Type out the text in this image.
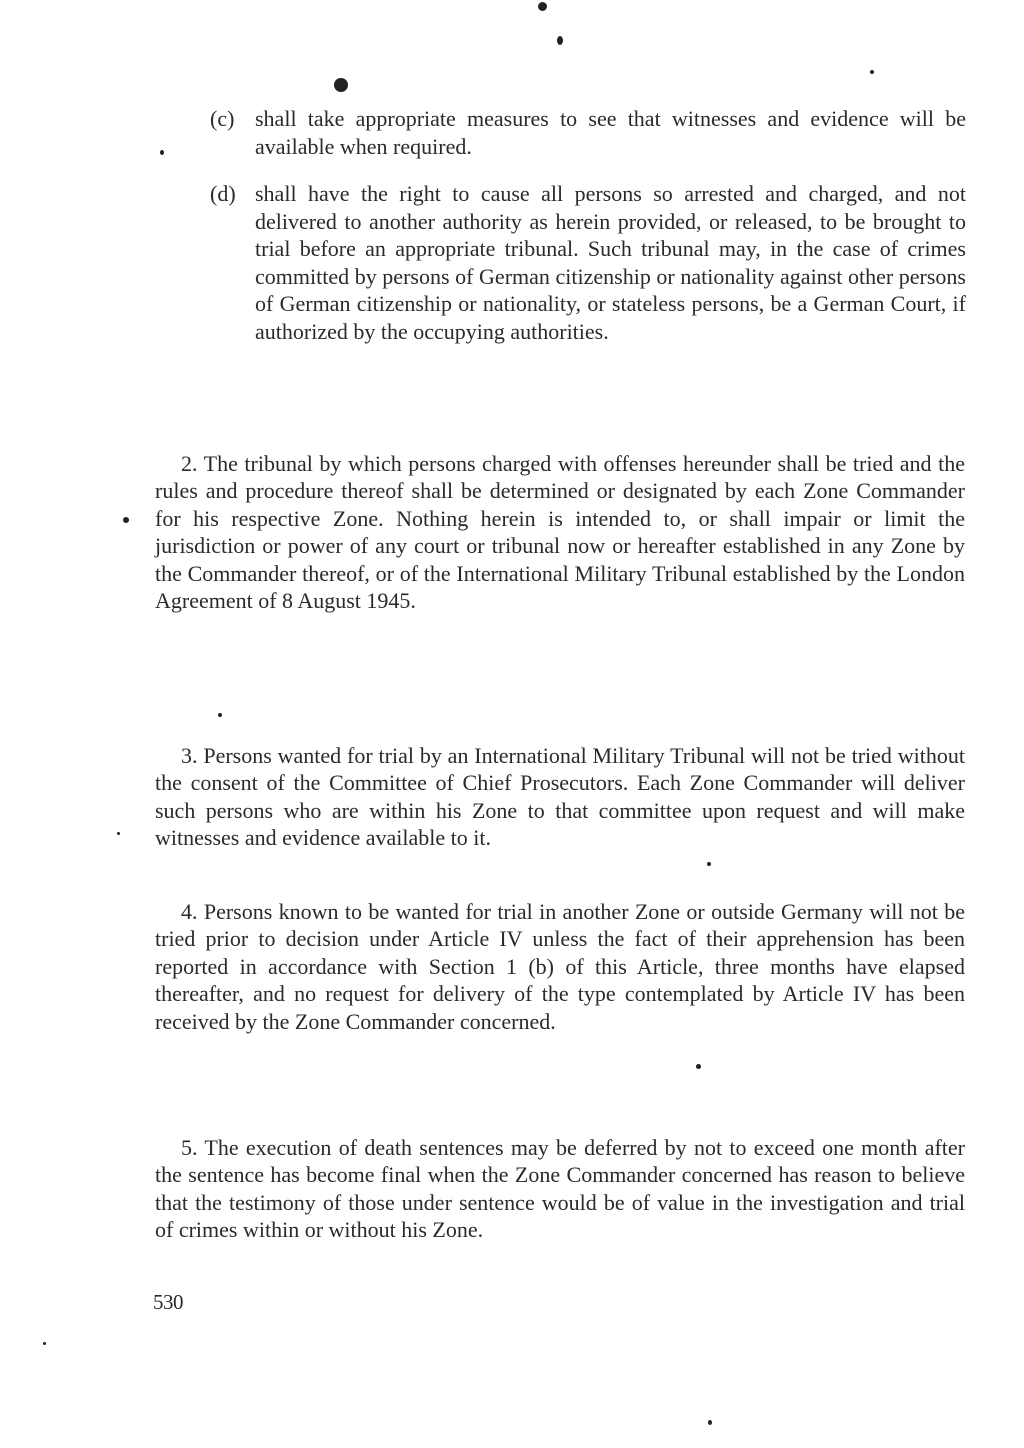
(c) shall take appropriate measures to see that witnesses and evidence will be available when required.
(d) shall have the right to cause all persons so arrested and charged, and not delivered to another authority as herein provided, or released, to be brought to trial before an appropriate tribunal. Such tribunal may, in the case of crimes committed by persons of German citizenship or nationality against other persons of German citizenship or nationality, or stateless persons, be a German Court, if authorized by the occupying authorities.
2. The tribunal by which persons charged with offenses hereunder shall be tried and the rules and procedure thereof shall be determined or designated by each Zone Commander for his respective Zone. Nothing herein is intended to, or shall impair or limit the jurisdiction or power of any court or tribunal now or hereafter established in any Zone by the Commander thereof, or of the International Military Tribunal established by the London Agreement of 8 August 1945.
3. Persons wanted for trial by an International Military Tribunal will not be tried without the consent of the Committee of Chief Prosecutors. Each Zone Commander will deliver such persons who are within his Zone to that committee upon request and will make witnesses and evidence available to it.
4. Persons known to be wanted for trial in another Zone or outside Germany will not be tried prior to decision under Article IV unless the fact of their apprehension has been reported in accordance with Section 1 (b) of this Article, three months have elapsed thereafter, and no request for delivery of the type contemplated by Article IV has been received by the Zone Commander concerned.
5. The execution of death sentences may be deferred by not to exceed one month after the sentence has become final when the Zone Commander concerned has reason to believe that the testimony of those under sentence would be of value in the investigation and trial of crimes within or without his Zone.
530
